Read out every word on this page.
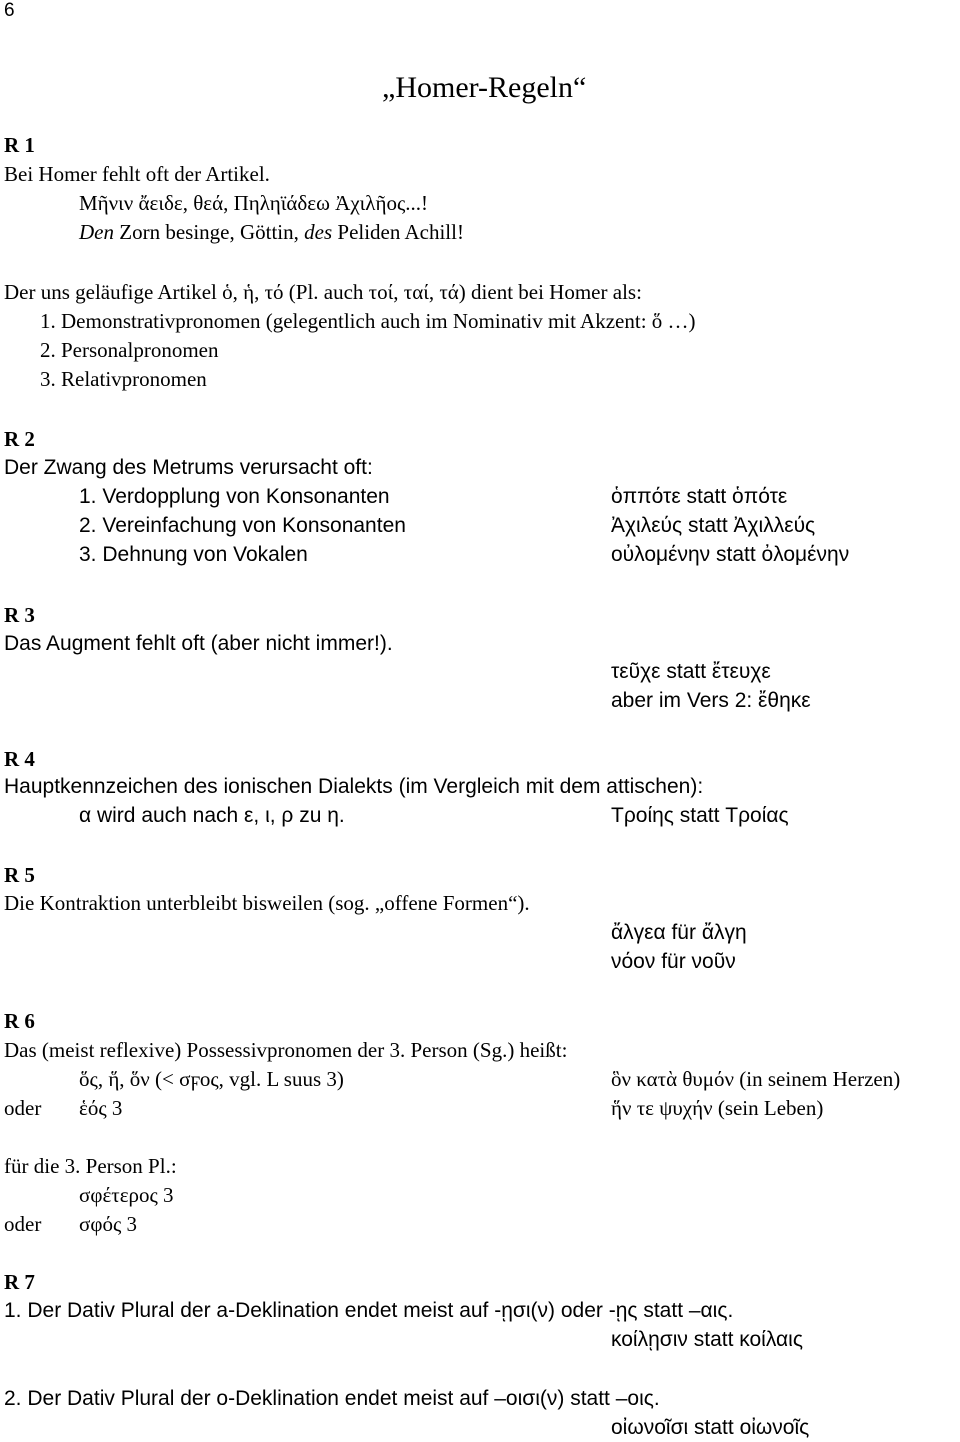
6
„Homer-Regeln“
R 1
Bei Homer fehlt oft der Artikel.
Μῆνιν ἄειδε, θεά, Πηληϊάδεω Ἀχιλῆος...!
Den Zorn besinge, Göttin, des Peliden Achill!
Der uns geläufige Artikel ὁ, ἡ, τό (Pl. auch τοί, ταί, τά) dient bei Homer als:
1. Demonstrativpronomen (gelegentlich auch im Nominativ mit Akzent: ὅ …)
2. Personalpronomen
3. Relativpronomen
R 2
Der Zwang des Metrums verursacht oft:
1. Verdopplung von Konsonanten	ὁππότε statt ὁπότε
2. Vereinfachung von Konsonanten	Ἀχιλεύς statt Ἀχιλλεύς
3. Dehnung von Vokalen	οὐλομένην statt ὀλομένην
R 3
Das Augment fehlt oft (aber nicht immer!).
τεῦχε statt ἔτευχε
aber im Vers 2: ἔθηκε
R 4
Hauptkennzeichen des ionischen Dialekts (im Vergleich mit dem attischen):
α wird auch nach ε, ι, ρ zu η.	Τροίης statt Τροίας
R 5
Die Kontraktion unterbleibt bisweilen (sog. „offene Formen“).
ἄλγεα für ἄλγη
νόον für νοῦν
R 6
Das (meist reflexive) Possessivpronomen der 3. Person (Sg.) heißt:
ὅς, ἥ, ὅν (< σϝος, vgl. L suus 3)	ὃν κατὰ θυμόν (in seinem Herzen)
oder ἑός 3	ἥν τε ψυχήν (sein Leben)
für die 3. Person Pl.:
σφέτερος 3
oder σφός 3
R 7
1. Der Dativ Plural der a-Deklination endet meist auf -ῃσι(ν) oder -ῃς statt –αις.
κοίλῃσιν statt κοίλαις
2. Der Dativ Plural der o-Deklination endet meist auf –οισι(ν) statt –οις.
οἰωνοῖσι statt οἰωνοῖς
